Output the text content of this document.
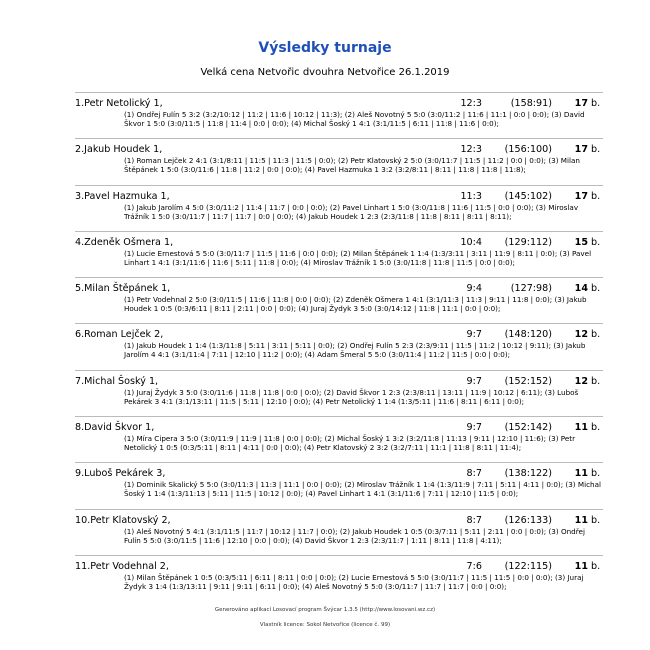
Výsledky turnaje
Velká cena Netvořic dvouhra Netvořice 26.1.2019
1.Petr Netolický 1,	12:3	(158:91)	17 b.
(1) Ondřej Fulín 5 3:2 (3:2/10:12 | 11:2 | 11:6 | 10:12 | 11:3); (2) Aleš Novotný 5 5:0 (3:0/11:2 | 11:6 | 11:1 | 0:0 | 0:0); (3) David Škvor 1 5:0 (3:0/11:5 | 11:8 | 11:4 | 0:0 | 0:0); (4) Michal Šoský 1 4:1 (3:1/11:5 | 6:11 | 11:8 | 11:6 | 0:0);
2.Jakub Houdek 1,	12:3	(156:100)	17 b.
(1) Roman Lejček 2 4:1 (3:1/8:11 | 11:5 | 11:3 | 11:5 | 0:0); (2) Petr Klatovský 2 5:0 (3:0/11:7 | 11:5 | 11:2 | 0:0 | 0:0); (3) Milan Štěpánek 1 5:0 (3:0/11:6 | 11:8 | 11:2 | 0:0 | 0:0); (4) Pavel Hazmuka 1 3:2 (3:2/8:11 | 8:11 | 11:8 | 11:8 | 11:8);
3.Pavel Hazmuka 1,	11:3	(145:102)	17 b.
(1) Jakub Jarolím 4 5:0 (3:0/11:2 | 11:4 | 11:7 | 0:0 | 0:0); (2) Pavel Linhart 1 5:0 (3:0/11:8 | 11:6 | 11:5 | 0:0 | 0:0); (3) Miroslav Trážník 1 5:0 (3:0/11:7 | 11:7 | 11:7 | 0:0 | 0:0); (4) Jakub Houdek 1 2:3 (2:3/11:8 | 11:8 | 8:11 | 8:11 | 8:11);
4.Zdeněk Ošmera 1,	10:4	(129:112)	15 b.
(1) Lucie Ernestová 5 5:0 (3:0/11:7 | 11:5 | 11:6 | 0:0 | 0:0); (2) Milan Štěpánek 1 1:4 (1:3/3:11 | 3:11 | 11:9 | 8:11 | 0:0); (3) Pavel Linhart 1 4:1 (3:1/11:6 | 11:6 | 5:11 | 11:8 | 0:0); (4) Miroslav Trážník 1 5:0 (3:0/11:8 | 11:8 | 11:5 | 0:0 | 0:0);
5.Milan Štěpánek 1,	9:4	(127:98)	14 b.
(1) Petr Vodehnal 2 5:0 (3:0/11:5 | 11:6 | 11:8 | 0:0 | 0:0); (2) Zdeněk Ošmera 1 4:1 (3:1/11:3 | 11:3 | 9:11 | 11:8 | 0:0); (3) Jakub Houdek 1 0:5 (0:3/6:11 | 8:11 | 2:11 | 0:0 | 0:0); (4) Juraj Žydyk 3 5:0 (3:0/14:12 | 11:8 | 11:1 | 0:0 | 0:0);
6.Roman Lejček 2,	9:7	(148:120)	12 b.
(1) Jakub Houdek 1 1:4 (1:3/11:8 | 5:11 | 3:11 | 5:11 | 0:0); (2) Ondřej Fulín 5 2:3 (2:3/9:11 | 11:5 | 11:2 | 10:12 | 9:11); (3) Jakub Jarolím 4 4:1 (3:1/11:4 | 7:11 | 12:10 | 11:2 | 0:0); (4) Adam Šmeral 5 5:0 (3:0/11:4 | 11:2 | 11:5 | 0:0 | 0:0);
7.Michal Šoský 1,	9:7	(152:152)	12 b.
(1) Juraj Žydyk 3 5:0 (3:0/11:6 | 11:8 | 11:8 | 0:0 | 0:0); (2) David Škvor 1 2:3 (2:3/8:11 | 13:11 | 11:9 | 10:12 | 6:11); (3) Luboš Pekárek 3 4:1 (3:1/13:11 | 11:5 | 5:11 | 12:10 | 0:0); (4) Petr Netolický 1 1:4 (1:3/5:11 | 11:6 | 8:11 | 6:11 | 0:0);
8.David Škvor 1,	9:7	(152:142)	11 b.
(1) Míra Cipera 3 5:0 (3:0/11:9 | 11:9 | 11:8 | 0:0 | 0:0); (2) Michal Šoský 1 3:2 (3:2/11:8 | 11:13 | 9:11 | 12:10 | 11:6); (3) Petr Netolický 1 0:5 (0:3/5:11 | 8:11 | 4:11 | 0:0 | 0:0); (4) Petr Klatovský 2 3:2 (3:2/7:11 | 11:1 | 11:8 | 8:11 | 11:4);
9.Luboš Pekárek 3,	8:7	(138:122)	11 b.
(1) Dominik Skalický 5 5:0 (3:0/11:3 | 11:3 | 11:1 | 0:0 | 0:0); (2) Miroslav Trážník 1 1:4 (1:3/11:9 | 7:11 | 5:11 | 4:11 | 0:0); (3) Michal Šoský 1 1:4 (1:3/11:13 | 5:11 | 11:5 | 10:12 | 0:0); (4) Pavel Linhart 1 4:1 (3:1/11:6 | 7:11 | 12:10 | 11:5 | 0:0);
10.Petr Klatovský 2,	8:7	(126:133)	11 b.
(1) Aleš Novotný 5 4:1 (3:1/11:5 | 11:7 | 10:12 | 11:7 | 0:0); (2) Jakub Houdek 1 0:5 (0:3/7:11 | 5:11 | 2:11 | 0:0 | 0:0); (3) Ondřej Fulín 5 5:0 (3:0/11:5 | 11:6 | 12:10 | 0:0 | 0:0); (4) David Škvor 1 2:3 (2:3/11:7 | 1:11 | 8:11 | 11:8 | 4:11);
11.Petr Vodehnal 2,	7:6	(122:115)	11 b.
(1) Milan Štěpánek 1 0:5 (0:3/5:11 | 6:11 | 8:11 | 0:0 | 0:0); (2) Lucie Ernestová 5 5:0 (3:0/11:7 | 11:5 | 11:5 | 0:0 | 0:0); (3) Juraj Žydyk 3 1:4 (1:3/13:11 | 9:11 | 9:11 | 6:11 | 0:0); (4) Aleš Novotný 5 5:0 (3:0/11:7 | 11:7 | 11:7 | 0:0 | 0:0);
Generováno aplikací Losovací program Švýcar 1.3.5 (http://www.losovani.wz.cz)
Vlastník licence: Sokol Netvořice (licence č. 99)
